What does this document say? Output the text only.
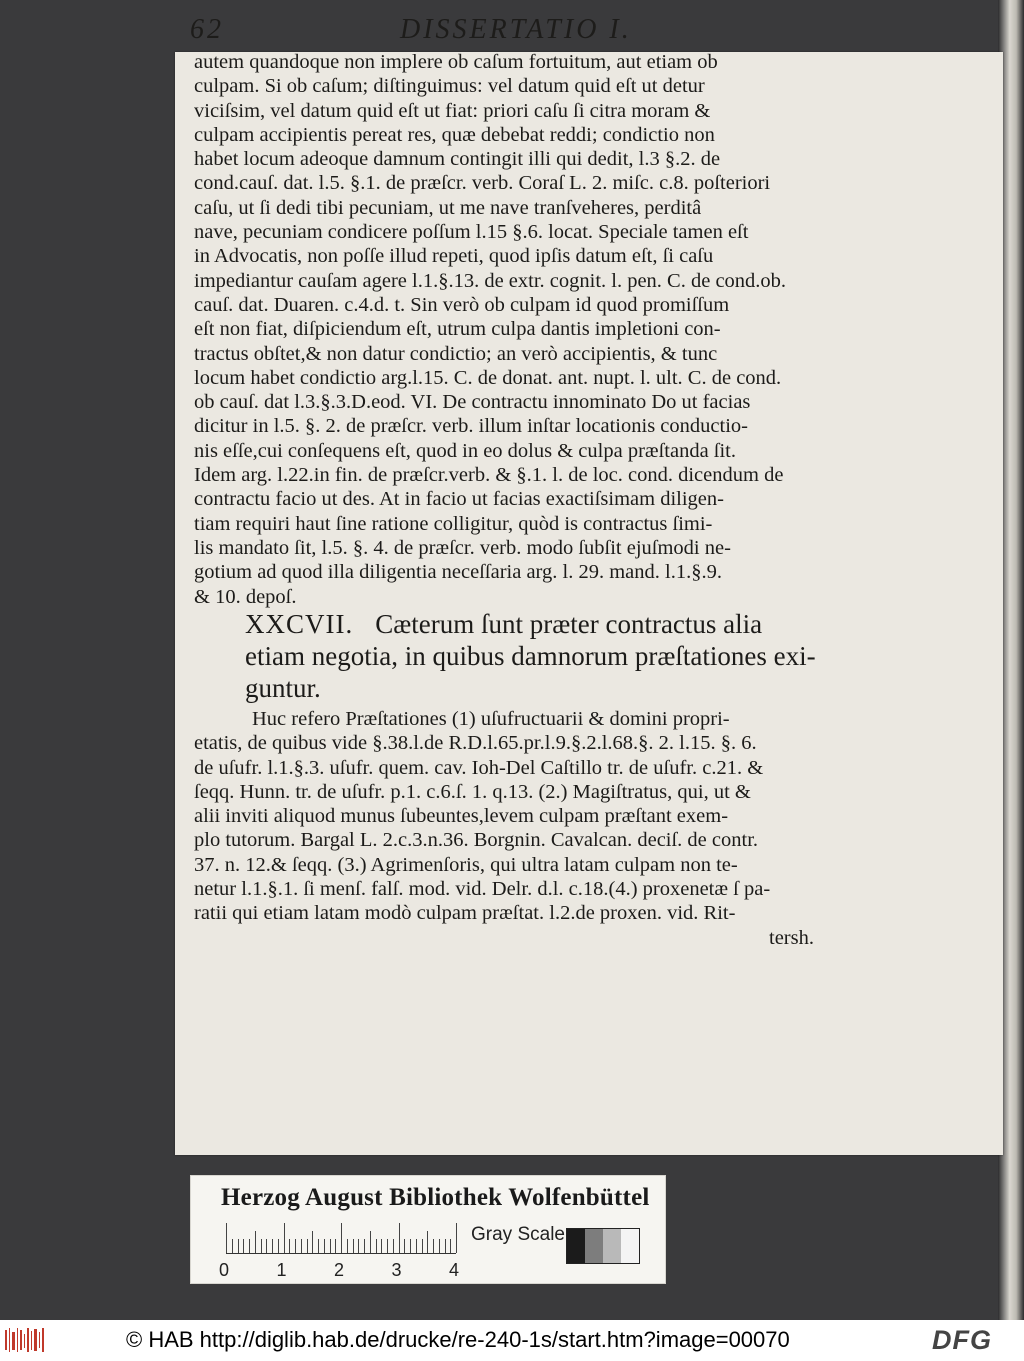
62	DISSERTATIO I.
autem quandoque non implere ob caſum fortuitum, aut etiam ob
culpam. Si ob caſum; diſtinguimus: vel datum quid eſt ut detur
viciſsim, vel datum quid eſt ut fiat: priori caſu ſi citra moram &
culpam accipientis pereat res, quæ debebat reddi; condictio non
habet locum adeoque damnum contingit illi qui dedit, l.3 §.2. de
cond.cauſ. dat. l.5. §.1. de præſcr. verb. Coraſ L. 2. miſc. c.8. poſteriori
caſu, ut ſi dedi tibi pecuniam, ut me nave tranſveheres, perditâ
nave, pecuniam condicere poſſum l.15 §.6. locat. Speciale tamen eſt
in Advocatis, non poſſe illud repeti, quod ipſis datum eſt, ſi caſu
impediantur cauſam agere l.1.§.13. de extr. cognit. l. pen. C. de cond.ob.
cauſ. dat. Duaren. c.4.d. t. Sin verò ob culpam id quod promiſſum
eſt non fiat, diſpiciendum eſt, utrum culpa dantis impletioni con-
tractus obſtet,& non datur condictio; an verò accipientis, & tunc
locum habet condictio arg.l.15. C. de donat. ant. nupt. l. ult. C. de cond.
ob cauſ. dat l.3.§.3.D.eod. VI. De contractu innominato Do ut facias
dicitur in l.5. §. 2. de præſcr. verb. illum inſtar locationis conductio-
nis eſſe,cui conſequens eſt, quod in eo dolus & culpa præſtanda ſit.
Idem arg. l.22.in fin. de præſcr.verb. & §.1. l. de loc. cond. dicendum de
contractu facio ut des. At in facio ut facias exactiſsimam diligen-
tiam requiri haut ſine ratione colligitur, quòd is contractus ſimi-
lis mandato ſit, l.5. §. 4. de præſcr. verb. modo ſubſit ejuſmodi ne-
gotium ad quod illa diligentia neceſſaria arg. l. 29. mand. l.1.§.9.
& 10. depoſ.
XXCVII. Cæterum ſunt præter contractus alia
etiam negotia, in quibus damnorum præſtationes exi-
guntur.
Huc refero Præſtationes (1) uſufructuarii & domini propri-
etatis, de quibus vide §.38.l.de R.D.l.65.pr.l.9.§.2.l.68.§. 2. l.15. §. 6.
de uſufr. l.1.§.3. uſufr. quem. cav. Ioh-Del Caſtillo tr. de uſufr. c.21. &
ſeqq. Hunn. tr. de uſufr. p.1. c.6.ſ. 1. q.13. (2.) Magiſtratus, qui, ut &
alii inviti aliquod munus ſubeuntes,levem culpam præſtant exem-
plo tutorum. Bargal L. 2.c.3.n.36. Borgnin. Cavalcan. deciſ. de contr.
37. n. 12.& ſeqq. (3.) Agrimenſoris, qui ultra latam culpam non te-
netur l.1.§.1. ſi menſ. falſ. mod. vid. Delr. d.l. c.18.(4.) proxenetæ ſ pa-
ratii qui etiam latam modò culpam præſtat. l.2.de proxen. vid. Rit-
tersh.
Herzog August Bibliothek Wolfenbüttel
0	1	2	3	4
Gray Scale
© HAB http://diglib.hab.de/drucke/re-240-1s/start.htm?image=00070	DFG
